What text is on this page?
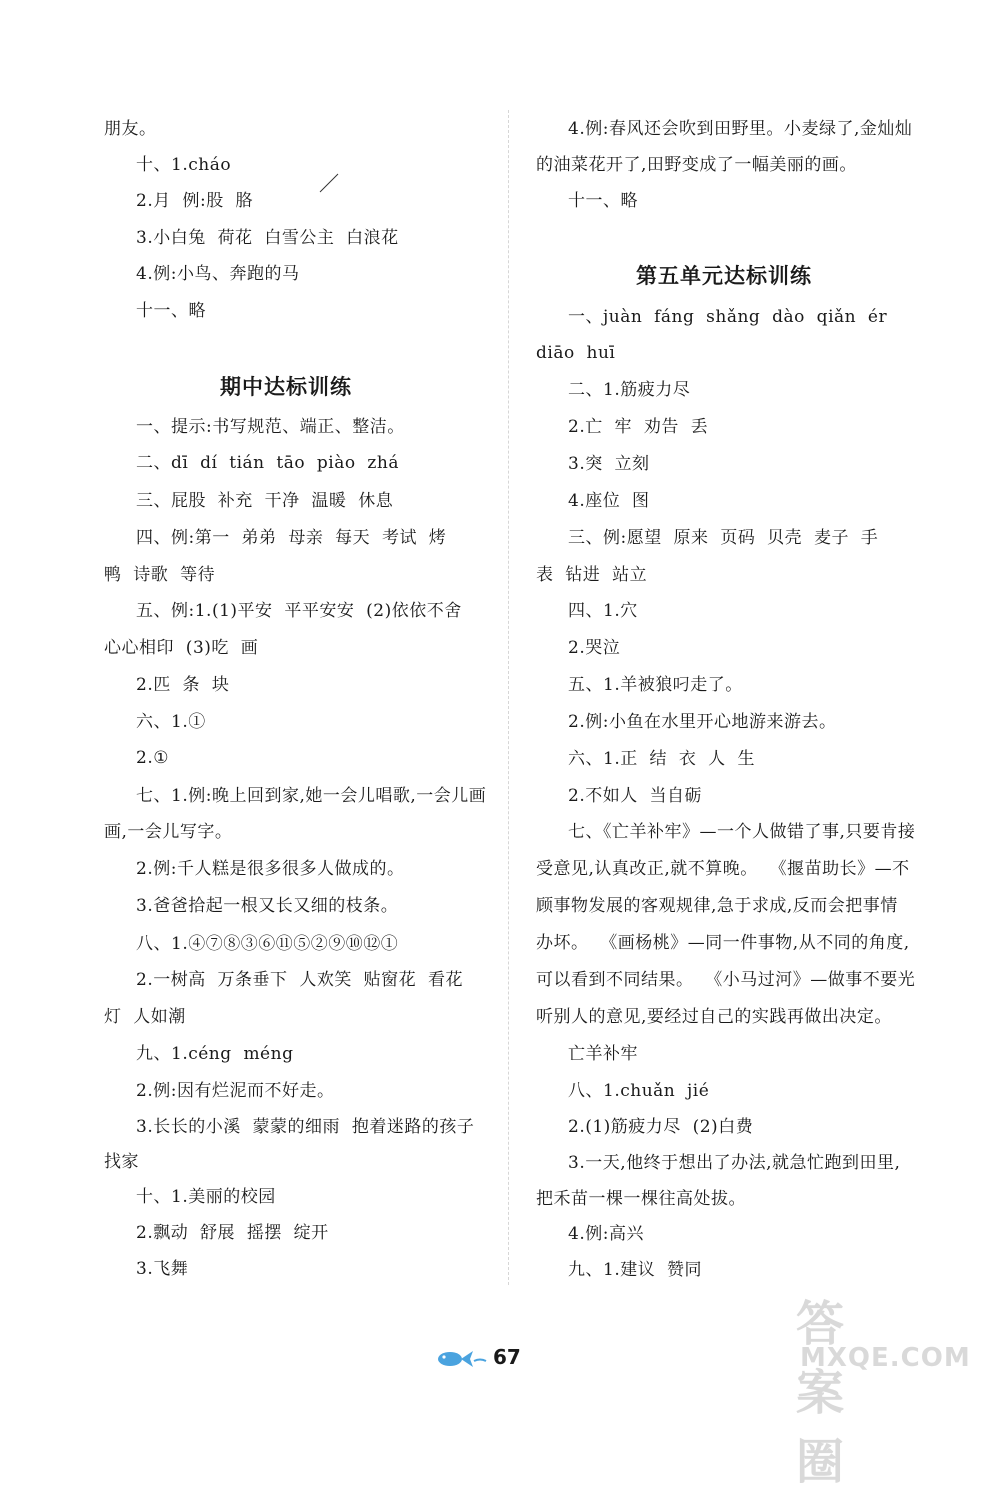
朋友。
十、1.cháo
2.月  例:股  胳
3.小白兔  荷花  白雪公主  白浪花
4.例:小鸟、奔跑的马
十一、略
期中达标训练
一、提示:书写规范、端正、整洁。
二、dī  dí  tián  tāo  piào  zhá
三、屁股  补充  干净  温暖  休息
四、例:第一  弟弟  母亲  每天  考试  烤
鸭  诗歌  等待
五、例:1.(1)平安  平平安安  (2)依依不舍
心心相印  (3)吃  画
2.匹  条  块
六、1.①
2.①
七、1.例:晚上回到家,她一会儿唱歌,一会儿画
画,一会儿写字。
2.例:千人糕是很多很多人做成的。
3.爸爸拾起一根又长又细的枝条。
八、1.④⑦⑧③⑥⑪⑤②⑨⑩⑫①
2.一树高  万条垂下  人欢笑  贴窗花  看花
灯  人如潮
九、1.céng  méng
2.例:因有烂泥而不好走。
3.长长的小溪  蒙蒙的细雨  抱着迷路的孩子
找家
十、1.美丽的校园
2.飘动  舒展  摇摆  绽开
3.飞舞
4.例:春风还会吹到田野里。小麦绿了,金灿灿
的油菜花开了,田野变成了一幅美丽的画。
十一、略
第五单元达标训练
一、juàn  fáng  shǎng  dào  qiǎn  ér
diāo  huī
二、1.筋疲力尽
2.亡  牢  劝告  丢
3.突  立刻
4.座位  图
三、例:愿望  原来  页码  贝壳  麦子  手
表  钻进  站立
四、1.穴
2.哭泣
五、1.羊被狼叼走了。
2.例:小鱼在水里开心地游来游去。
六、1.正  结  衣  人  生
2.不如人  当自砺
七、《亡羊补牢》—一个人做错了事,只要肯接
受意见,认真改正,就不算晚。  《揠苗助长》—不
顾事物发展的客观规律,急于求成,反而会把事情
办坏。  《画杨桃》—同一件事物,从不同的角度,
可以看到不同结果。  《小马过河》—做事不要光
听别人的意见,要经过自己的实践再做出决定。
亡羊补牢
八、1.chuǎn  jié
2.(1)筋疲力尽  (2)白费
3.一天,他终于想出了办法,就急忙跑到田里,
把禾苗一棵一棵往高处拔。
4.例:高兴
九、1.建议  赞同
67
答案圈
MXQE.COM
